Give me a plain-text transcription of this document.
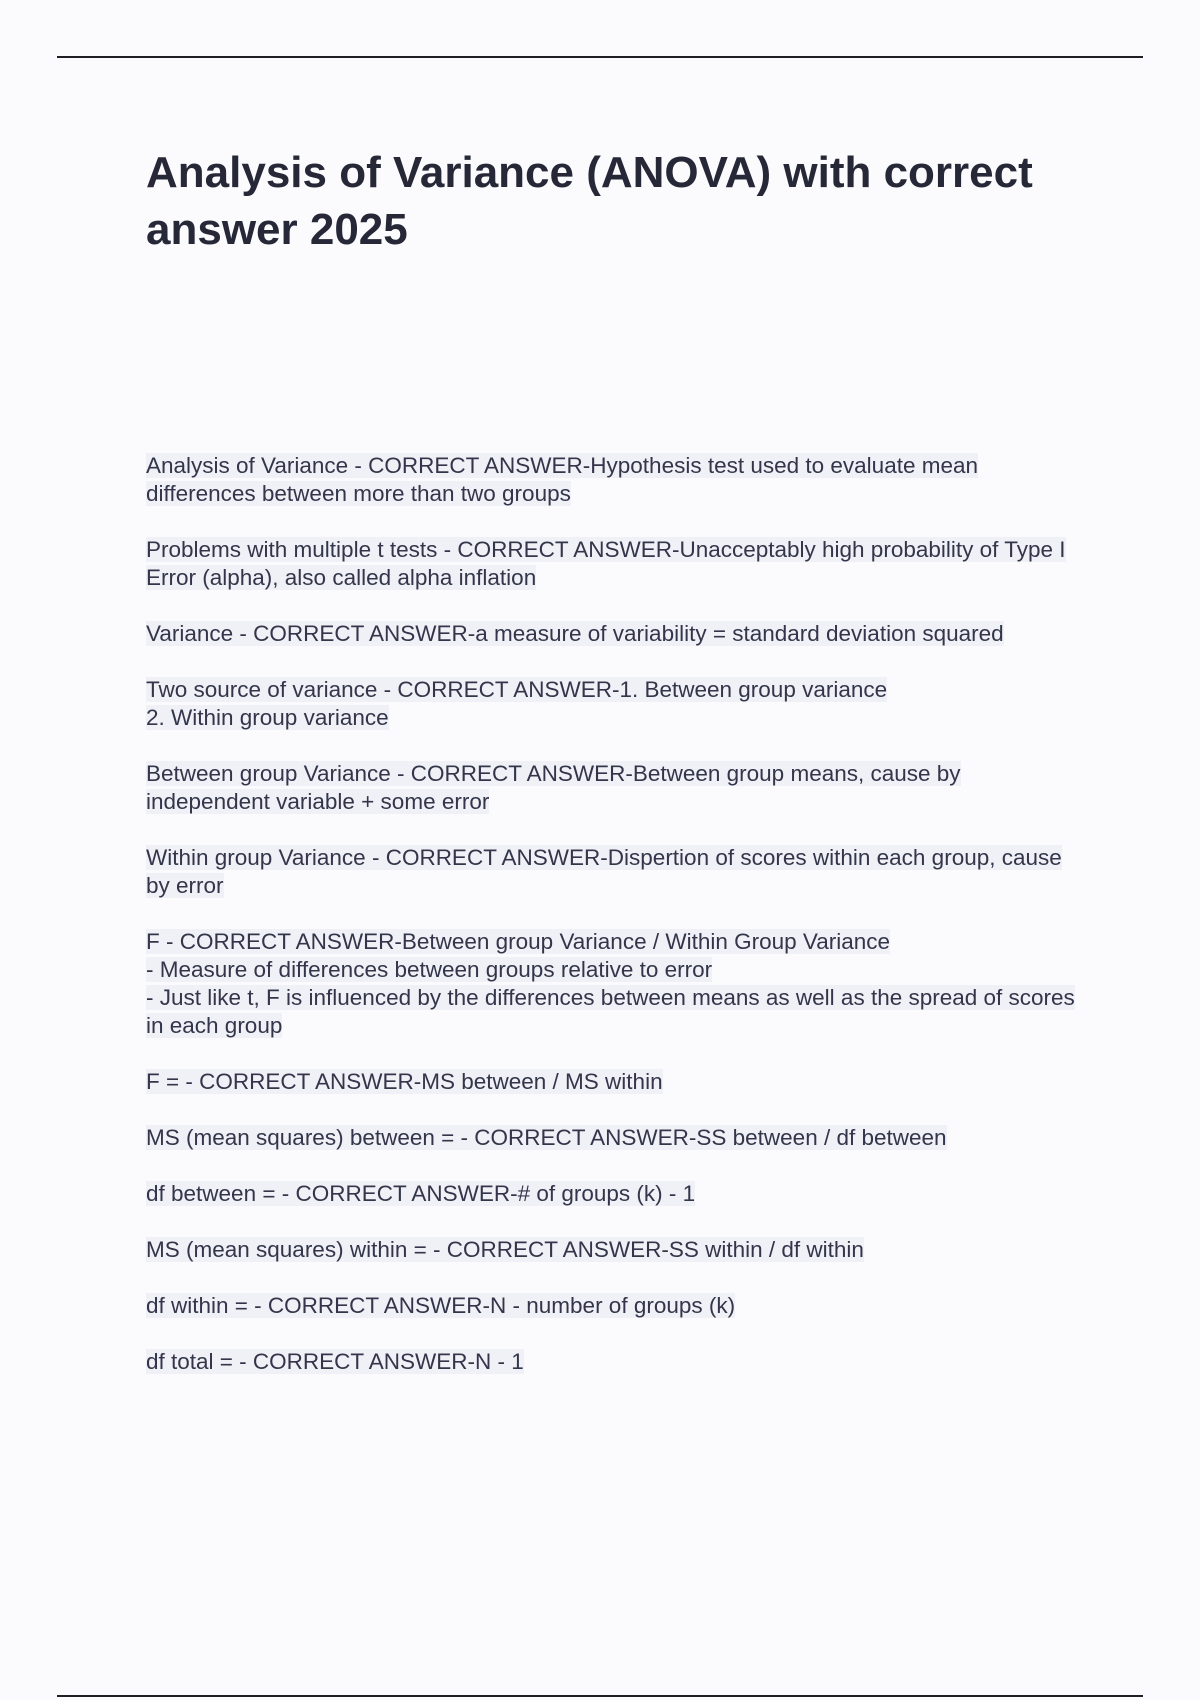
Analysis of Variance (ANOVA) with correct answer 2025
Analysis of Variance - CORRECT ANSWER-Hypothesis test used to evaluate mean differences between more than two groups
Problems with multiple t tests - CORRECT ANSWER-Unacceptably high probability of Type I Error (alpha), also called alpha inflation
Variance - CORRECT ANSWER-a measure of variability = standard deviation squared
Two source of variance - CORRECT ANSWER-1. Between group variance
2. Within group variance
Between group Variance - CORRECT ANSWER-Between group means, cause by independent variable + some error
Within group Variance - CORRECT ANSWER-Dispertion of scores within each group, cause by error
F - CORRECT ANSWER-Between group Variance / Within Group Variance
- Measure of differences between groups relative to error
- Just like t, F is influenced by the differences between means as well as the spread of scores in each group
F = - CORRECT ANSWER-MS between / MS within
MS (mean squares) between = - CORRECT ANSWER-SS between / df between
df between = - CORRECT ANSWER-# of groups (k) - 1
MS (mean squares) within = - CORRECT ANSWER-SS within / df within
df within = - CORRECT ANSWER-N - number of groups (k)
df total = - CORRECT ANSWER-N - 1
